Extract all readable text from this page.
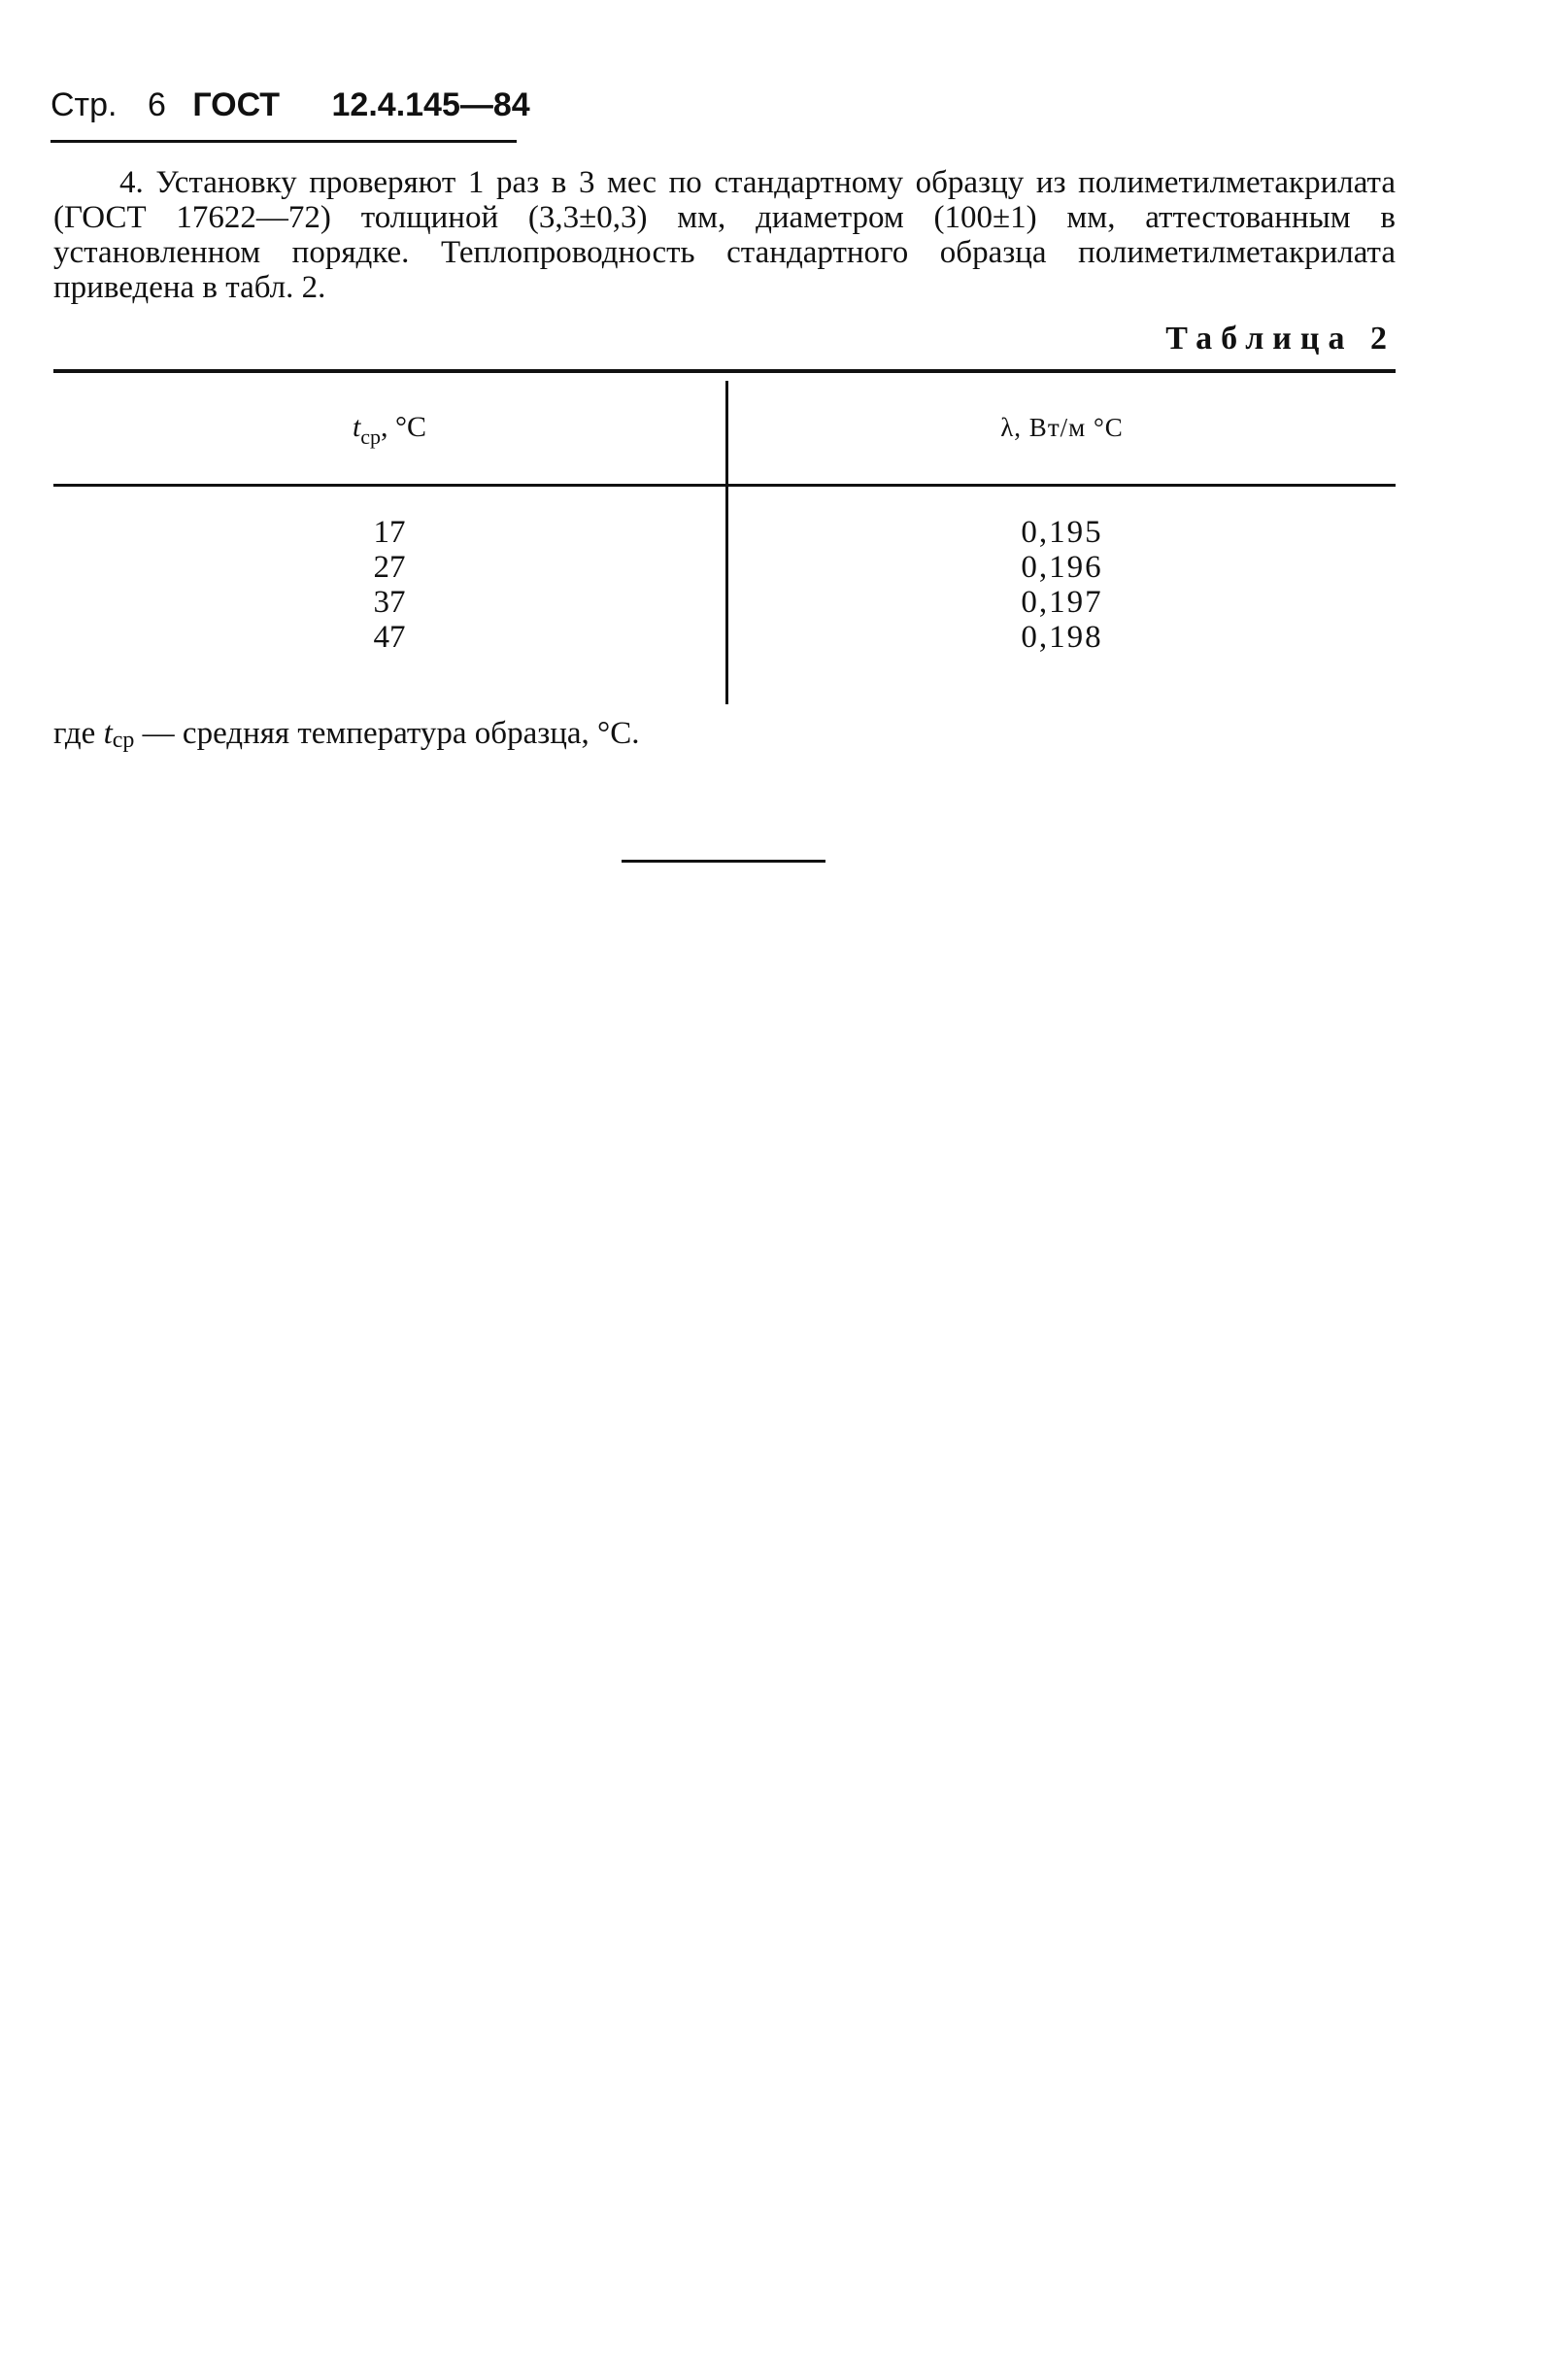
Стр. 6 ГОСТ 12.4.145—84

4. Установку проверяют 1 раз в 3 мес по стандартному образцу из полиметилметакрилата (ГОСТ 17622—72) толщиной (3,3±0,3) мм, диаметром (100±1) мм, аттестованным в установленном порядке. Теплопроводность стандартного образца полиметилметакрилата приведена в табл. 2.

Таблица 2
$t_{ср}$, °C	λ, Вт/м °C
17
27
37
47
0,195
0,196
0,197
0,198
где $t_{ср}$ — средняя температура образца, °C.
